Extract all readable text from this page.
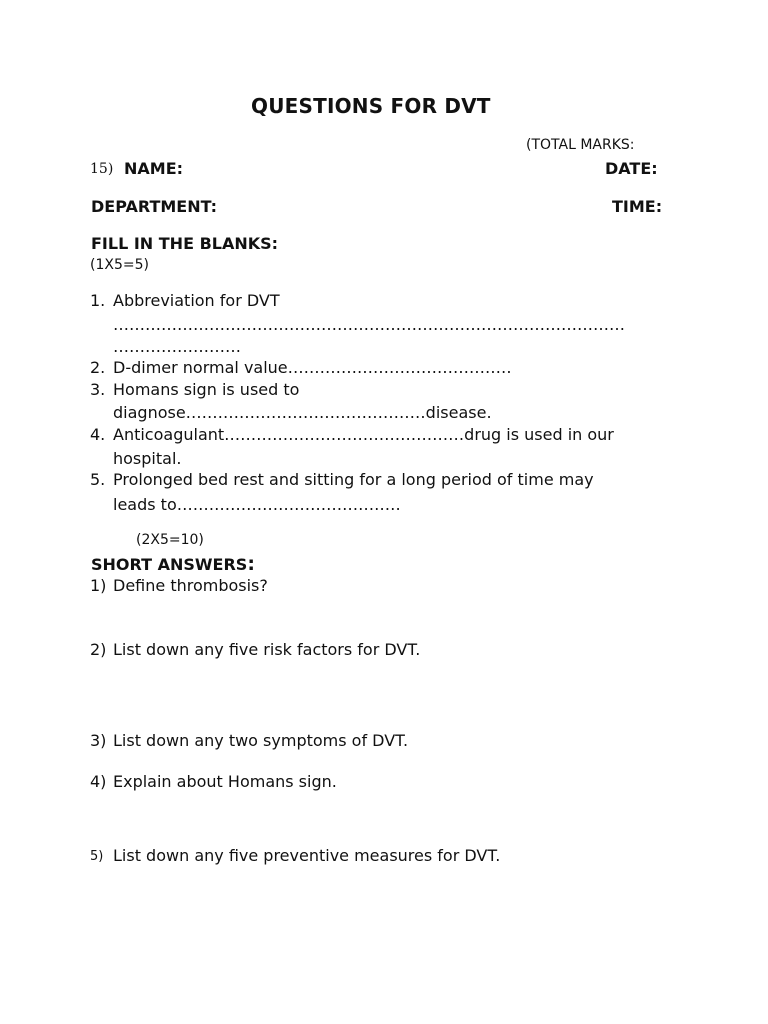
QUESTIONS FOR DVT
(TOTAL MARKS:
15) NAME:	DATE:
DEPARTMENT:	TIME:
FILL IN THE BLANKS:
(1X5=5)
1. Abbreviation for DVT
……………………………………………………………………………………
……………………
2. D-dimer normal value……………………………………
3. Homans sign is used to
diagnose………………………………………disease.
4. Anticoagulant………………………………………drug is used in our
hospital.
5. Prolonged bed rest and sitting for a long period of time may
leads to……………………………………
(2X5=10)
SHORT ANSWERS:
1) Define thrombosis?
2) List down any five risk factors for DVT.
3) List down any two symptoms of DVT.
4) Explain about Homans sign.
5) List down any five preventive measures for DVT.
